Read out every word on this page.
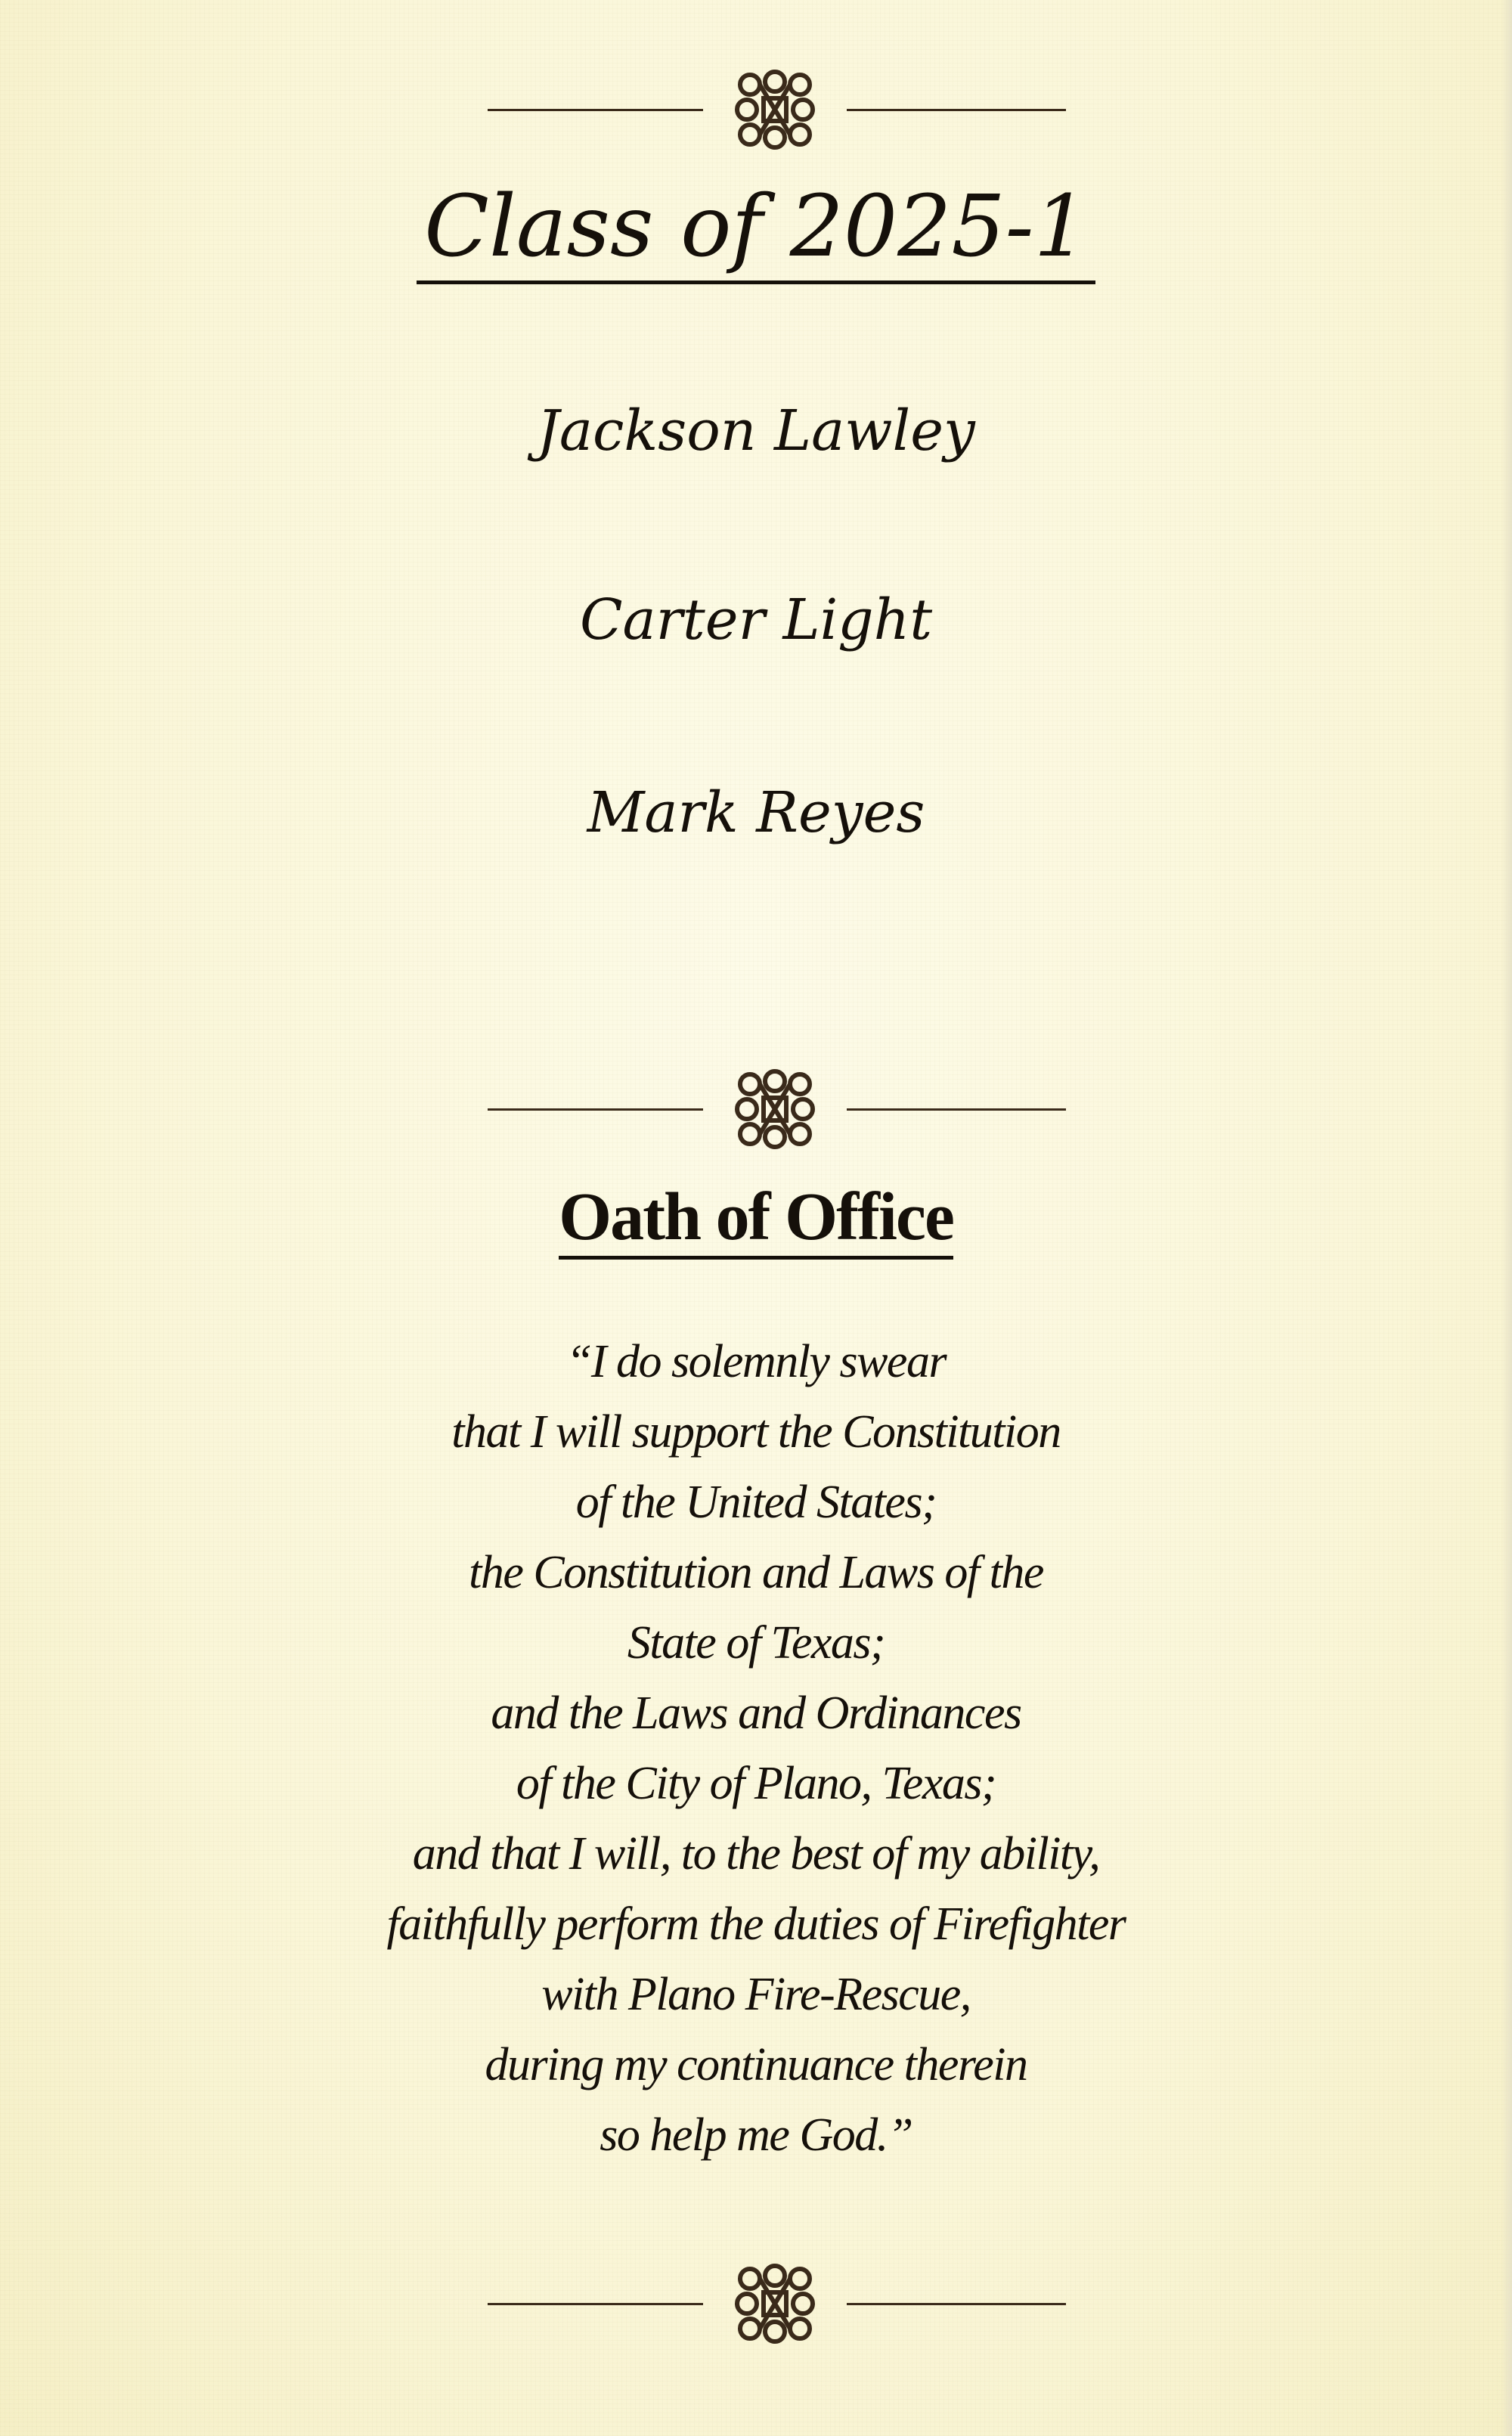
Class of 2025-1
Jackson Lawley
Carter Light
Mark Reyes
Oath of Office
“I do solemnly swear
that I will support the Constitution
of the United States;
the Constitution and Laws of the
State of Texas;
and the Laws and Ordinances
of the City of Plano, Texas;
and that I will, to the best of my ability,
faithfully perform the duties of Firefighter
with Plano Fire-Rescue,
during my continuance therein
so help me God.”
